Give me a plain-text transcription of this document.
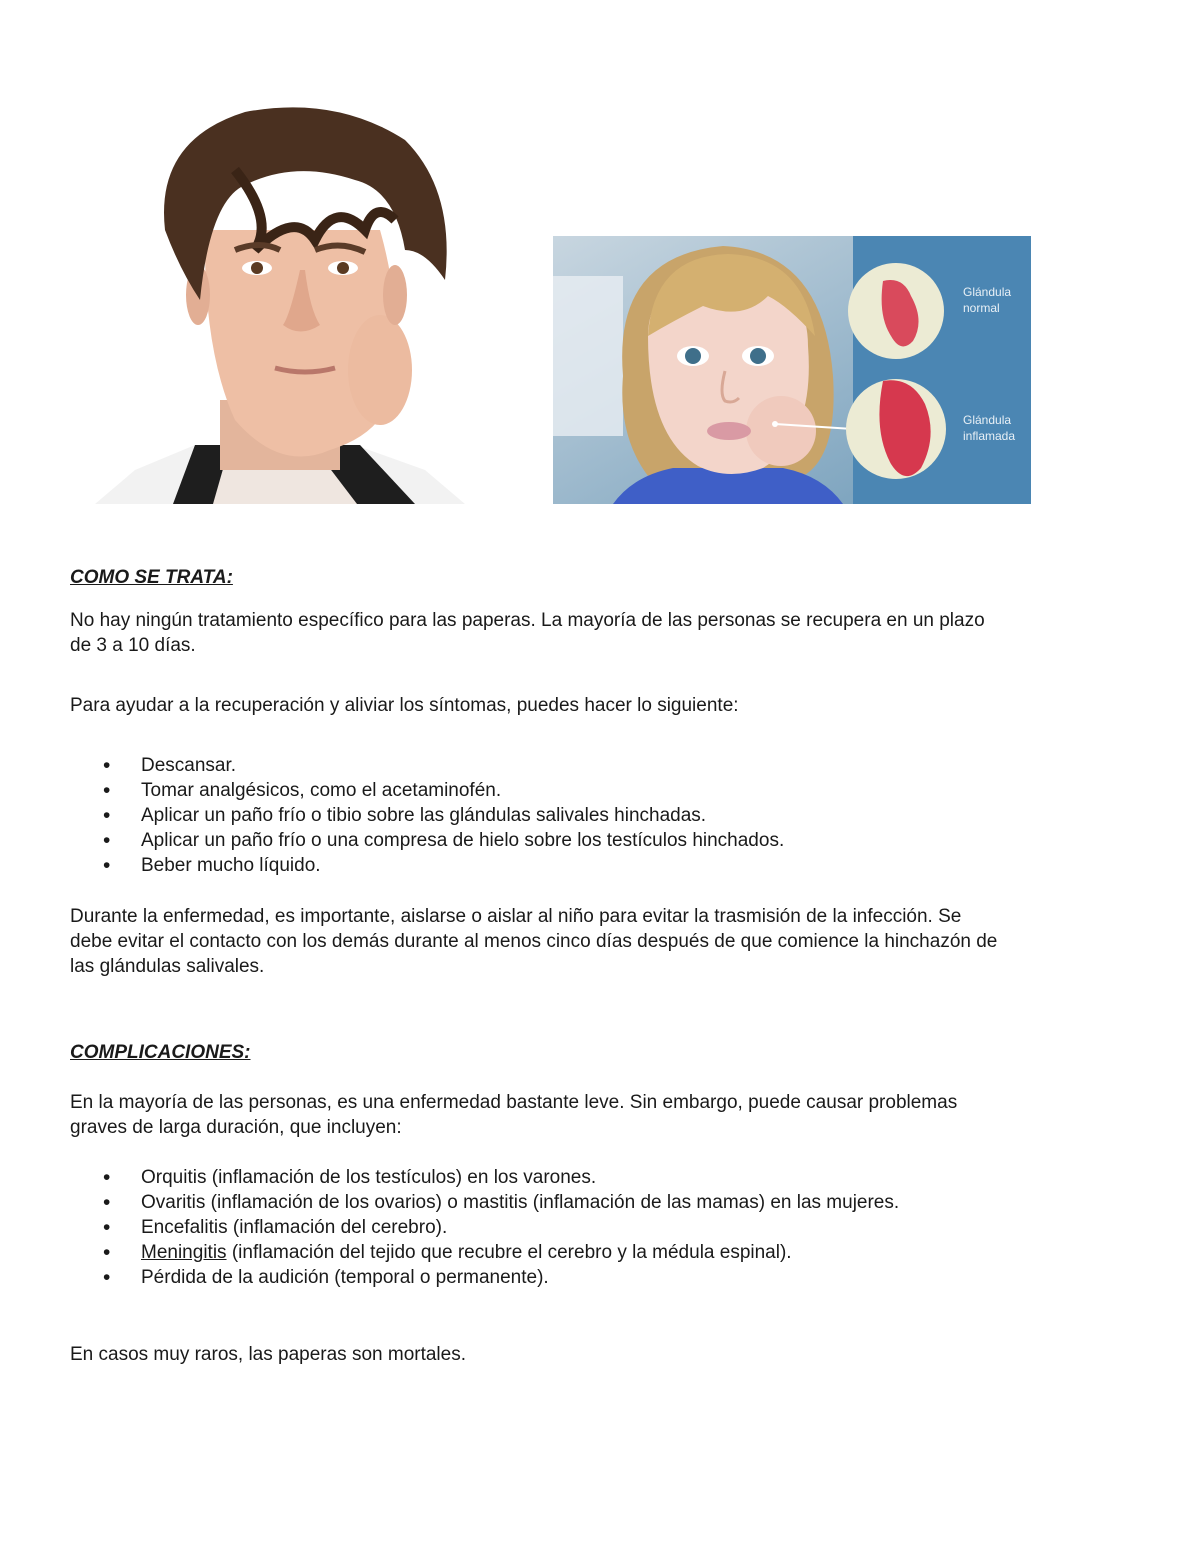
Glándula
normal
Glándula
inflamada
COMO SE TRATA:

No hay ningún tratamiento específico para las paperas. La mayoría de las personas se recupera en un plazo

de 3 a 10 días.

Para ayudar a la recuperación y aliviar los síntomas, puedes hacer lo siguiente:

• Descansar.
• Tomar analgésicos, como el acetaminofén.
• Aplicar un paño frío o tibio sobre las glándulas salivales hinchadas.
• Aplicar un paño frío o una compresa de hielo sobre los testículos hinchados.
• Beber mucho líquido.

Durante la enfermedad, es importante, aislarse o aislar al niño para evitar la trasmisión de la infección. Se

debe evitar el contacto con los demás durante al menos cinco días después de que comience la hinchazón de

las glándulas salivales.

COMPLICACIONES:

En la mayoría de las personas, es una enfermedad bastante leve. Sin embargo, puede causar problemas

graves de larga duración, que incluyen:

• Orquitis (inflamación de los testículos) en los varones.
• Ovaritis (inflamación de los ovarios) o mastitis (inflamación de las mamas) en las mujeres.
• Encefalitis (inflamación del cerebro).
• Meningitis (inflamación del tejido que recubre el cerebro y la médula espinal).
• Pérdida de la audición (temporal o permanente).

En casos muy raros, las paperas son mortales.
